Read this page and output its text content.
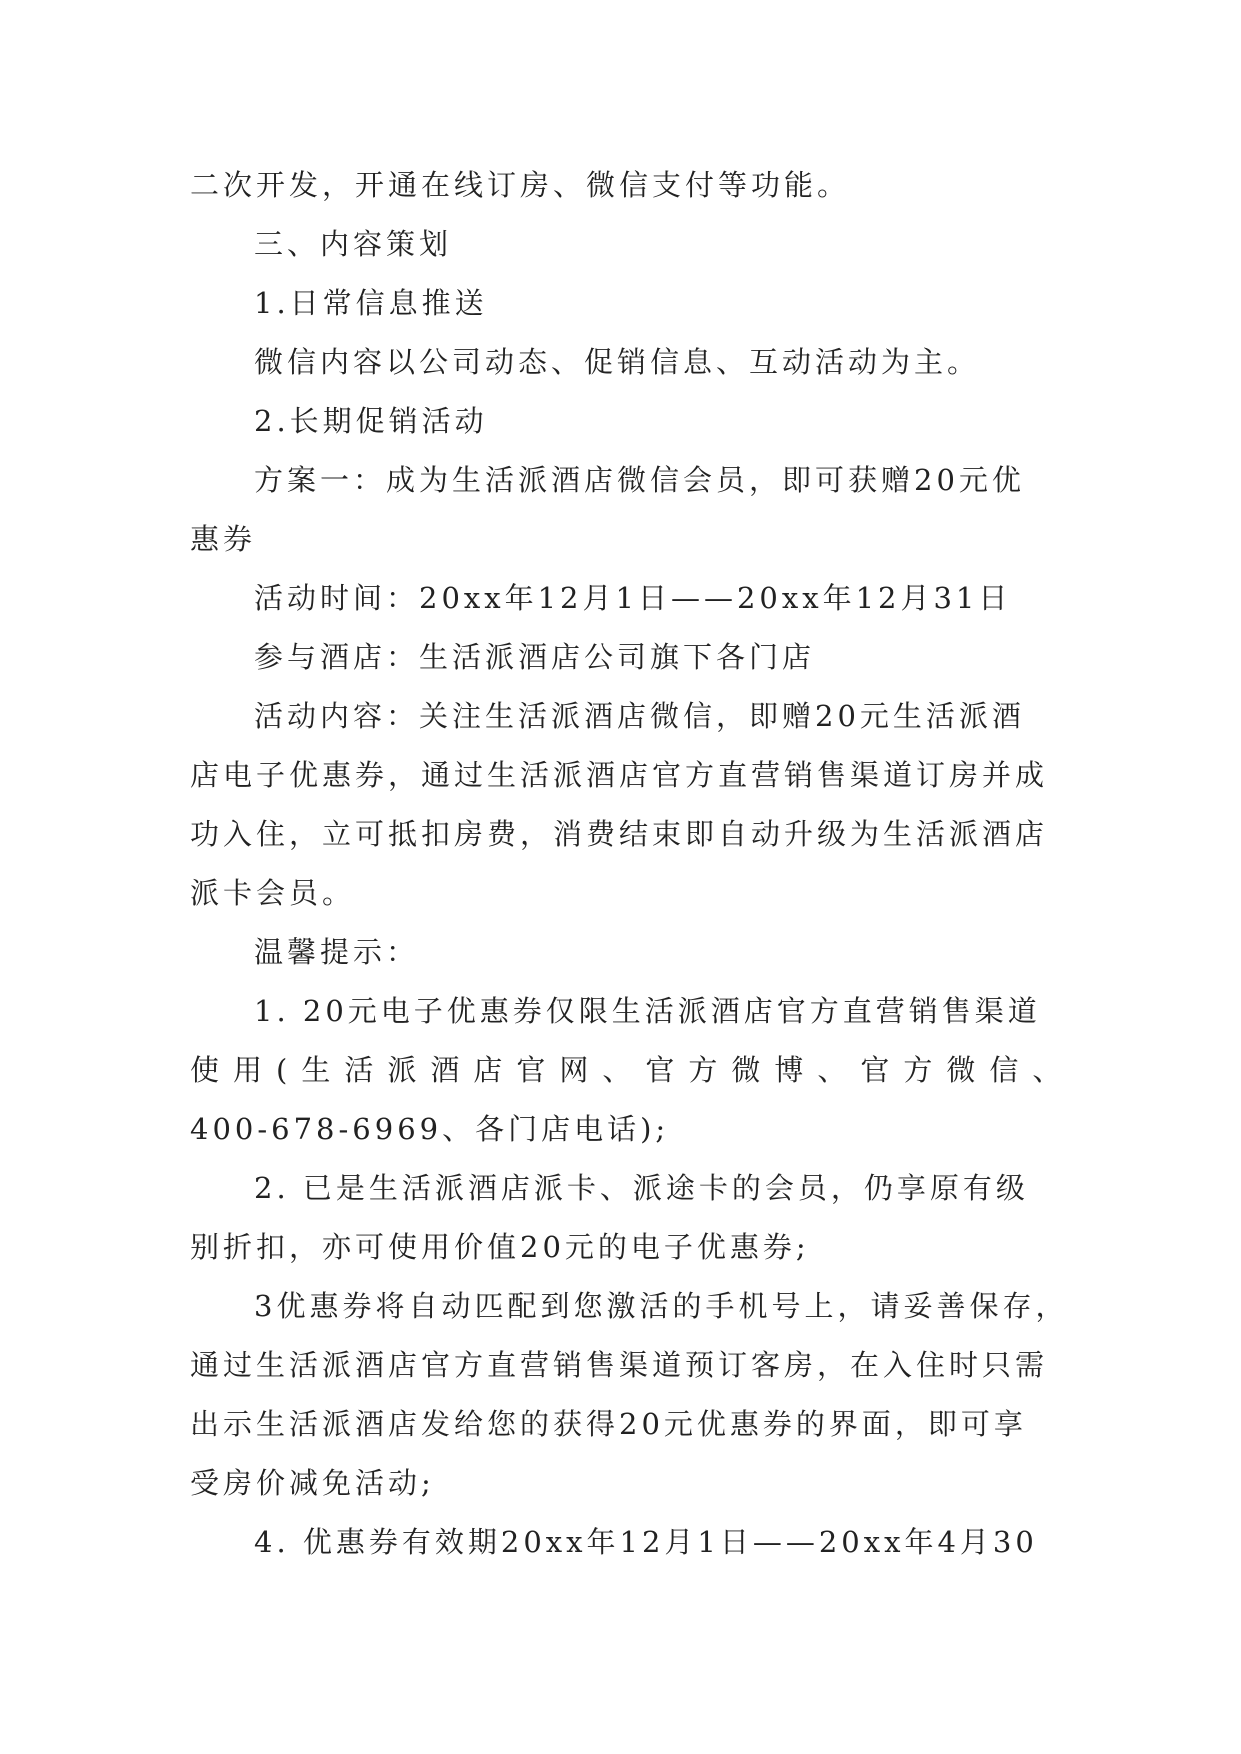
二次开发，开通在线订房、微信支付等功能。
三、内容策划
1.日常信息推送
微信内容以公司动态、促销信息、互动活动为主。
2.长期促销活动
方案一：成为生活派酒店微信会员，即可获赠20元优
惠券
活动时间：20xx年12月1日——20xx年12月31日
参与酒店：生活派酒店公司旗下各门店
活动内容：关注生活派酒店微信，即赠20元生活派酒
店电子优惠券，通过生活派酒店官方直营销售渠道订房并成
功入住，立可抵扣房费，消费结束即自动升级为生活派酒店
派卡会员。
温馨提示：
1. 20元电子优惠券仅限生活派酒店官方直营销售渠道
使用(生活派酒店官网、官方微博、官方微信、
400-678-6969、各门店电话);
2. 已是生活派酒店派卡、派途卡的会员，仍享原有级
别折扣，亦可使用价值20元的电子优惠券;
3优惠券将自动匹配到您激活的手机号上，请妥善保存，
通过生活派酒店官方直营销售渠道预订客房，在入住时只需
出示生活派酒店发给您的获得20元优惠券的界面，即可享
受房价减免活动;
4. 优惠券有效期20xx年12月1日——20xx年4月30
